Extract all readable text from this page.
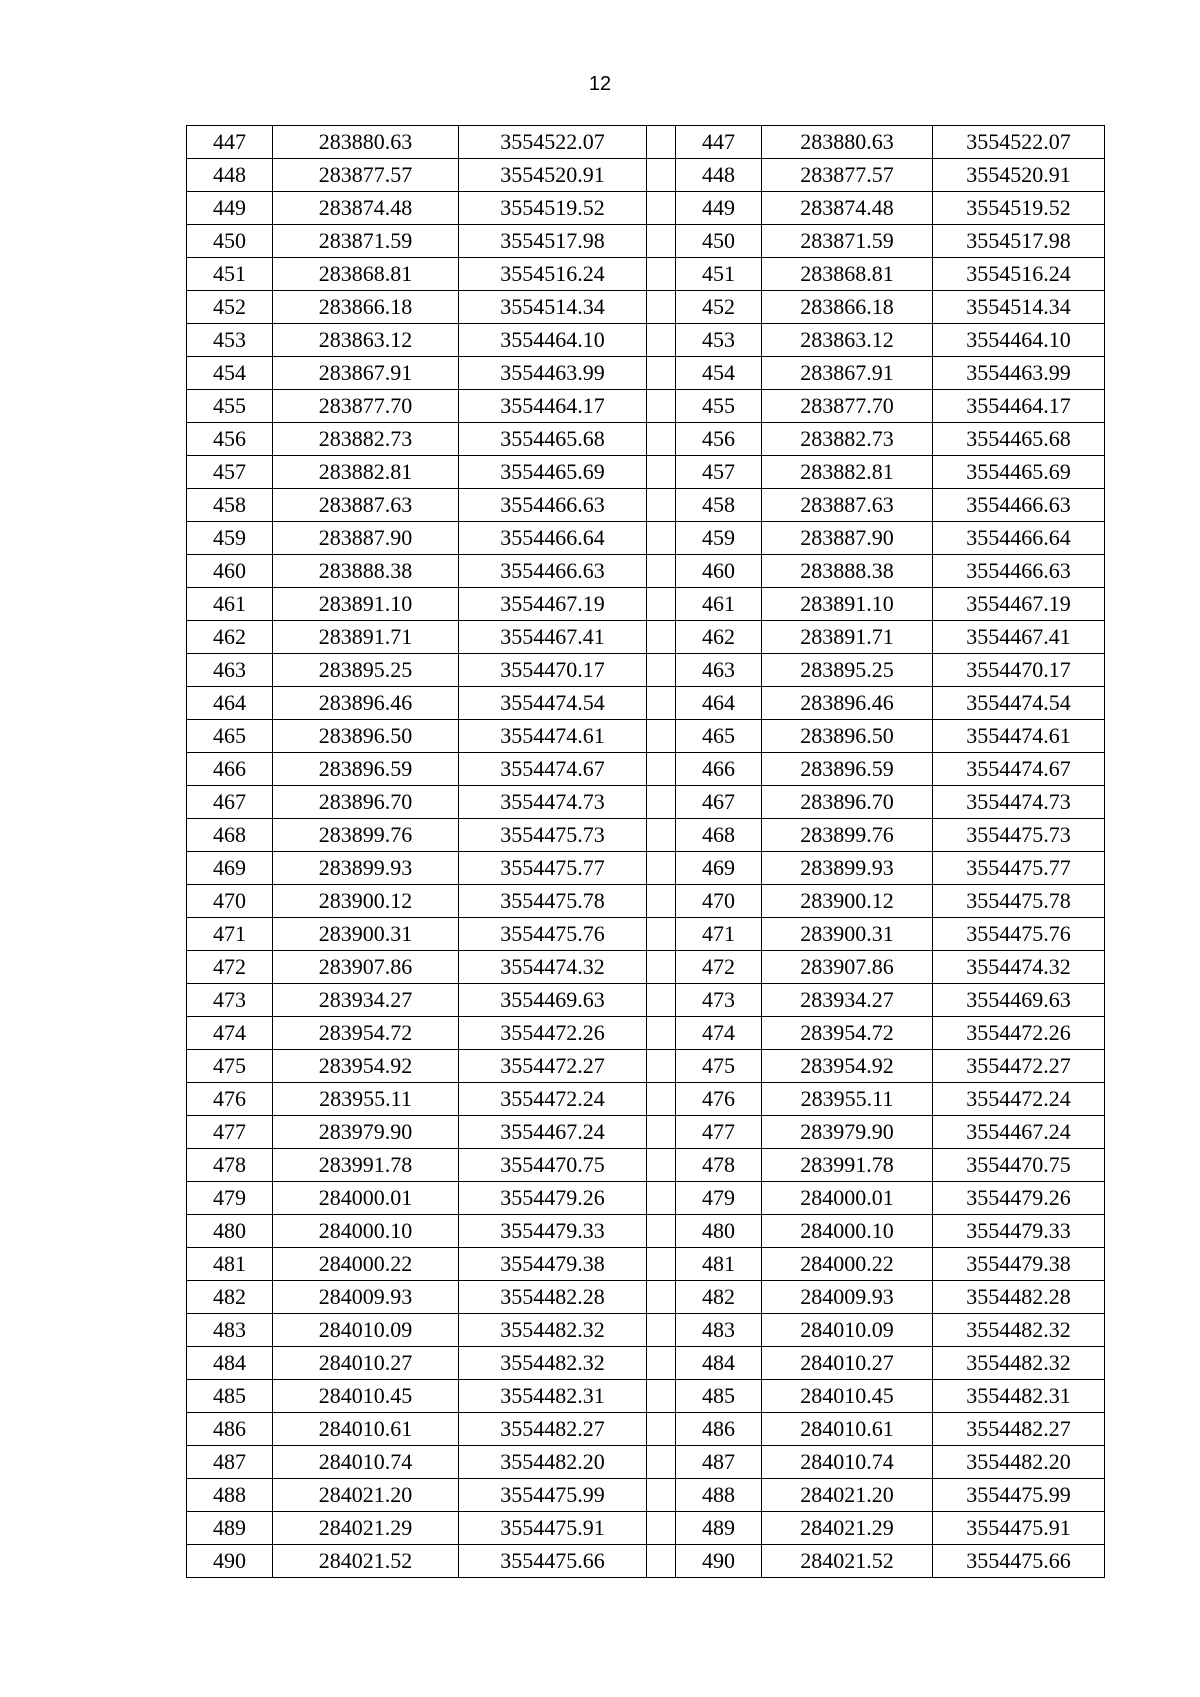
12
447	283880.63	3554522.07		447	283880.63	3554522.07
448	283877.57	3554520.91		448	283877.57	3554520.91
449	283874.48	3554519.52		449	283874.48	3554519.52
450	283871.59	3554517.98		450	283871.59	3554517.98
451	283868.81	3554516.24		451	283868.81	3554516.24
452	283866.18	3554514.34		452	283866.18	3554514.34
453	283863.12	3554464.10		453	283863.12	3554464.10
454	283867.91	3554463.99		454	283867.91	3554463.99
455	283877.70	3554464.17		455	283877.70	3554464.17
456	283882.73	3554465.68		456	283882.73	3554465.68
457	283882.81	3554465.69		457	283882.81	3554465.69
458	283887.63	3554466.63		458	283887.63	3554466.63
459	283887.90	3554466.64		459	283887.90	3554466.64
460	283888.38	3554466.63		460	283888.38	3554466.63
461	283891.10	3554467.19		461	283891.10	3554467.19
462	283891.71	3554467.41		462	283891.71	3554467.41
463	283895.25	3554470.17		463	283895.25	3554470.17
464	283896.46	3554474.54		464	283896.46	3554474.54
465	283896.50	3554474.61		465	283896.50	3554474.61
466	283896.59	3554474.67		466	283896.59	3554474.67
467	283896.70	3554474.73		467	283896.70	3554474.73
468	283899.76	3554475.73		468	283899.76	3554475.73
469	283899.93	3554475.77		469	283899.93	3554475.77
470	283900.12	3554475.78		470	283900.12	3554475.78
471	283900.31	3554475.76		471	283900.31	3554475.76
472	283907.86	3554474.32		472	283907.86	3554474.32
473	283934.27	3554469.63		473	283934.27	3554469.63
474	283954.72	3554472.26		474	283954.72	3554472.26
475	283954.92	3554472.27		475	283954.92	3554472.27
476	283955.11	3554472.24		476	283955.11	3554472.24
477	283979.90	3554467.24		477	283979.90	3554467.24
478	283991.78	3554470.75		478	283991.78	3554470.75
479	284000.01	3554479.26		479	284000.01	3554479.26
480	284000.10	3554479.33		480	284000.10	3554479.33
481	284000.22	3554479.38		481	284000.22	3554479.38
482	284009.93	3554482.28		482	284009.93	3554482.28
483	284010.09	3554482.32		483	284010.09	3554482.32
484	284010.27	3554482.32		484	284010.27	3554482.32
485	284010.45	3554482.31		485	284010.45	3554482.31
486	284010.61	3554482.27		486	284010.61	3554482.27
487	284010.74	3554482.20		487	284010.74	3554482.20
488	284021.20	3554475.99		488	284021.20	3554475.99
489	284021.29	3554475.91		489	284021.29	3554475.91
490	284021.52	3554475.66		490	284021.52	3554475.66
